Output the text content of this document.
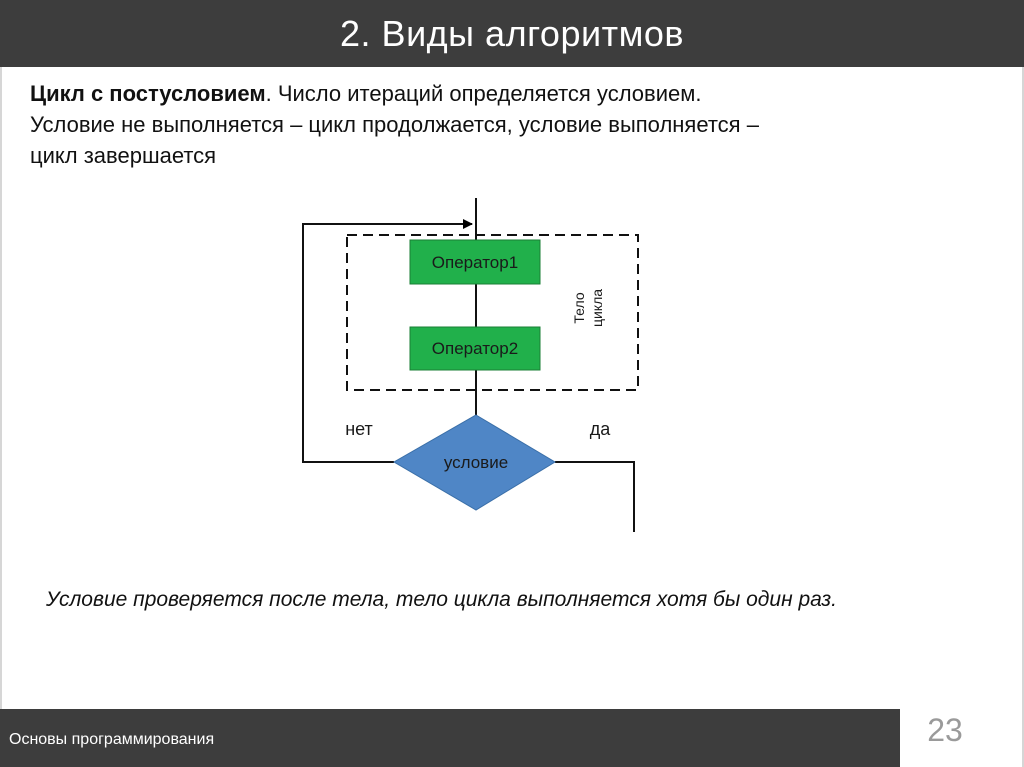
2. Виды алгоритмов
Цикл с постусловием. Число итераций определяется условием.
Условие не выполняется – цикл продолжается, условие выполняется –
цикл завершается
Оператор1
Оператор2
Тело цикла
условие
нет	да
Условие проверяется после тела, тело цикла выполняется хотя бы один раз.
Основы программирования	23
